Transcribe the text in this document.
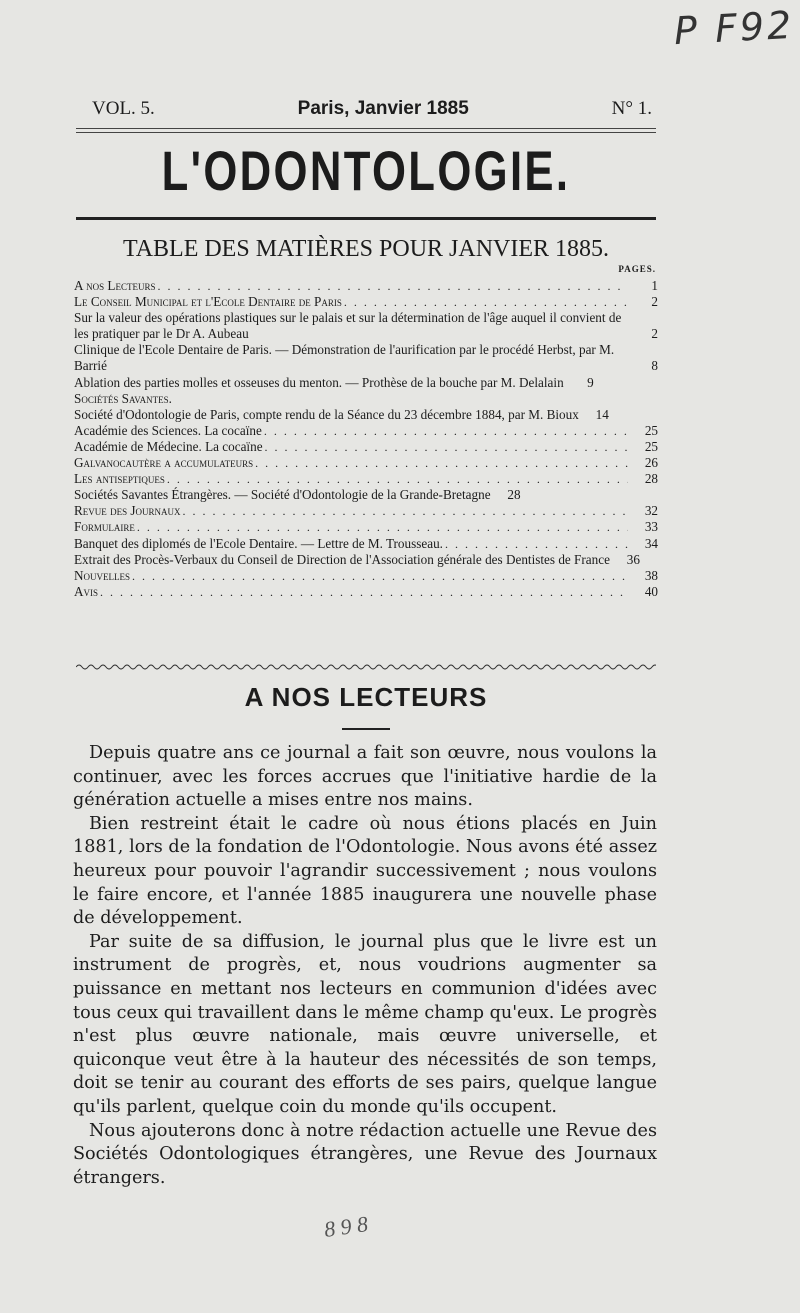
P F92
VOL. 5.	Paris, Janvier 1885	N° 1.
L'ODONTOLOGIE.
TABLE DES MATIÈRES POUR JANVIER 1885.
PAGES.
A nos Lecteurs . . .	1
Le Conseil Municipal et l'Ecole Dentaire de Paris . . .	2
Sur la valeur des opérations plastiques sur le palais et sur la détermination de l'âge auquel il convient de les pratiquer par le Dr A. Aubeau	2
Clinique de l'Ecole Dentaire de Paris. — Démonstration de l'aurification par le procédé Herbst, par M. Barrié	8
Ablation des parties molles et osseuses du menton. — Prothèse de la bouche par M. Delalain	9
Sociétés Savantes.
Société d'Odontologie de Paris, compte rendu de la Séance du 23 décembre 1884, par M. Bioux	14
Académie des Sciences. La cocaïne . . .	25
Académie de Médecine. La cocaïne . . .	25
Galvanocautère a accumulateurs . . .	26
Les antiseptiques . . .	28
Sociétés Savantes Étrangères. — Société d'Odontologie de la Grande-Bretagne	28
Revue des Journaux . . .	32
Formulaire . . .	33
Banquet des diplomés de l'Ecole Dentaire. — Lettre de M. Trousseau. . . .	34
Extrait des Procès-Verbaux du Conseil de Direction de l'Association générale des Dentistes de France	36
Nouvelles . . .	38
Avis . . .	40
A NOS LECTEURS

Depuis quatre ans ce journal a fait son œuvre, nous voulons la continuer, avec les forces accrues que l'initiative hardie de la génération actuelle a mises entre nos mains.

Bien restreint était le cadre où nous étions placés en Juin 1881, lors de la fondation de l'Odontologie. Nous avons été assez heureux pour pouvoir l'agrandir successivement ; nous voulons le faire encore, et l'année 1885 inaugurera une nouvelle phase de développement.

Par suite de sa diffusion, le journal plus que le livre est un instrument de progrès, et, nous voudrions augmenter sa puissance en mettant nos lecteurs en communion d'idées avec tous ceux qui travaillent dans le même champ qu'eux. Le progrès n'est plus œuvre nationale, mais œuvre universelle, et quiconque veut être à la hauteur des nécessités de son temps, doit se tenir au courant des efforts de ses pairs, quelque langue qu'ils parlent, quelque coin du monde qu'ils occupent.

Nous ajouterons donc à notre rédaction actuelle une Revue des Sociétés Odontologiques étrangères, une Revue des Journaux étrangers.

8 9 8
